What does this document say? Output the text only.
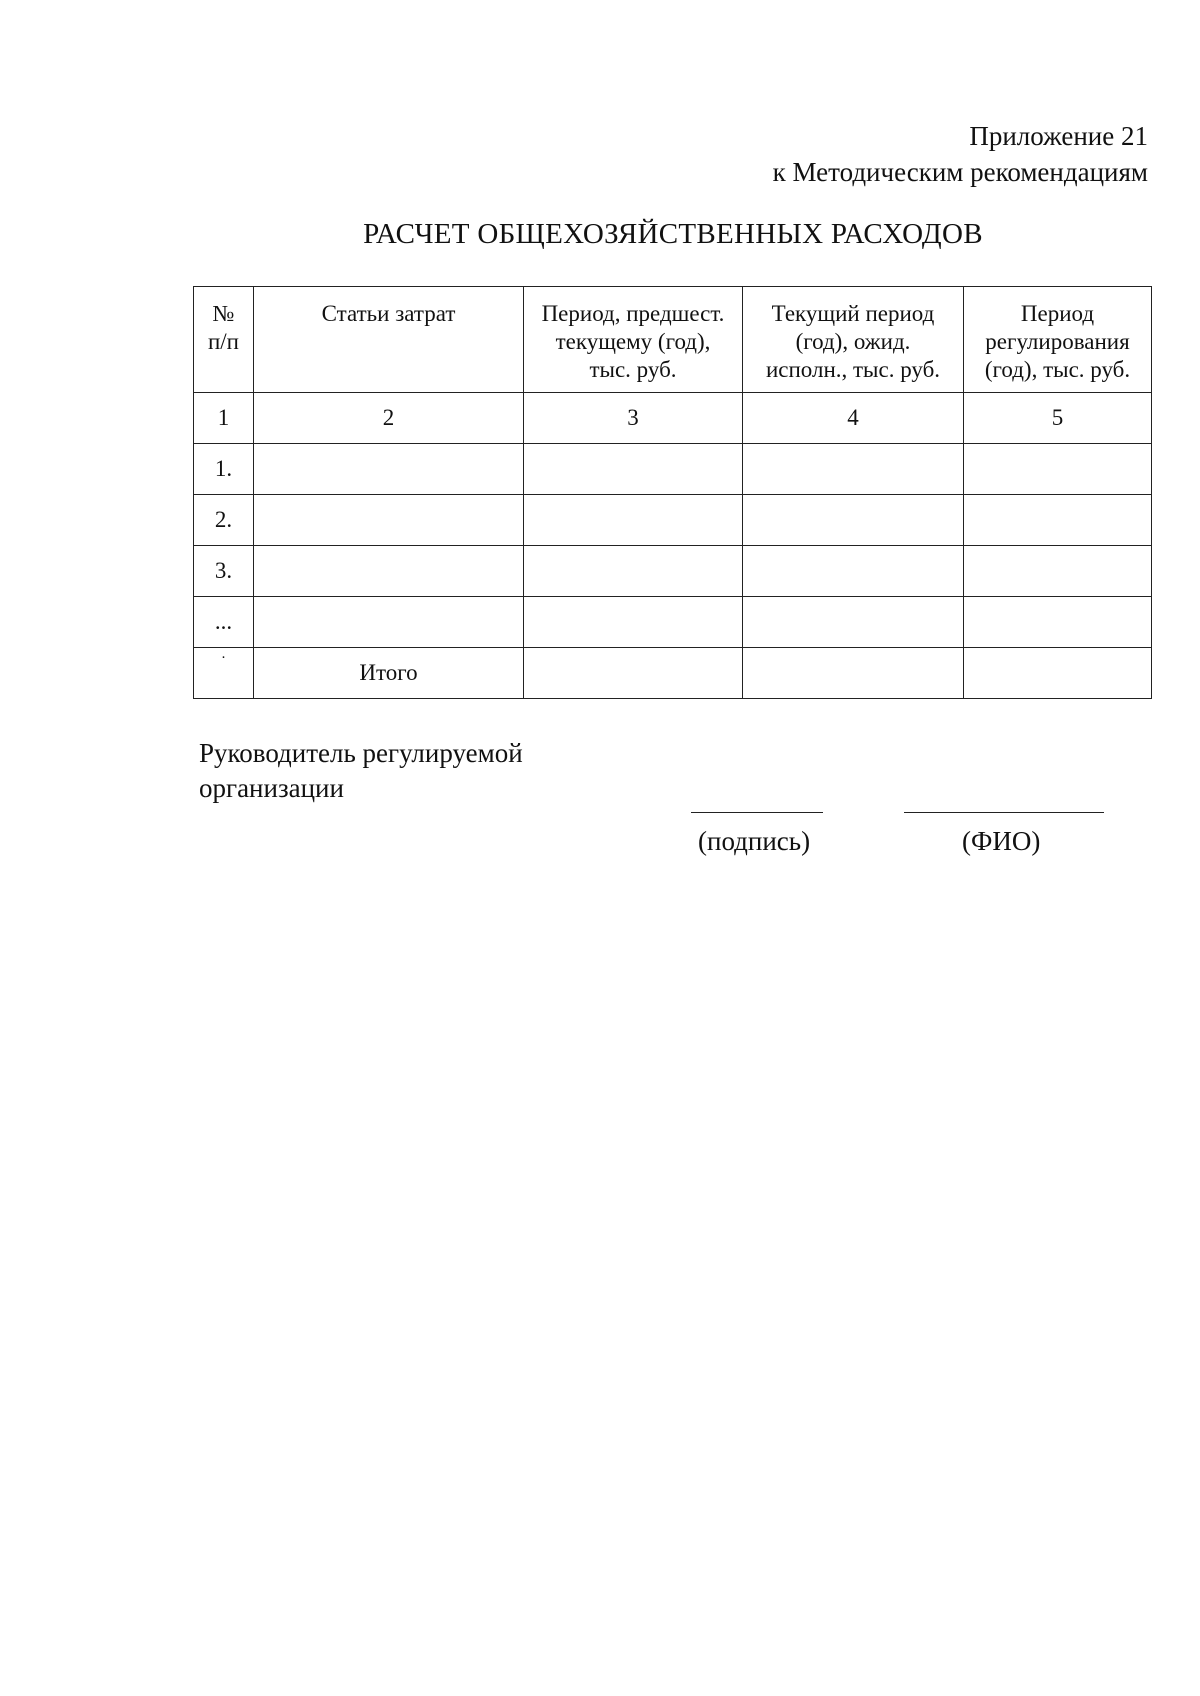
Приложение 21
к Методическим рекомендациям
РАСЧЕТ ОБЩЕХОЗЯЙСТВЕННЫХ РАСХОДОВ
№ п/п	Статьи затрат	Период, предшест. текущему (год), тыс. руб.	Текущий период (год), ожид. исполн., тыс. руб.	Период регулирования (год), тыс. руб.
1	2	3	4	5
1.				
2.				
3.				
...				
·	Итого			
Руководитель регулируемой организации
(подпись)	(ФИО)
